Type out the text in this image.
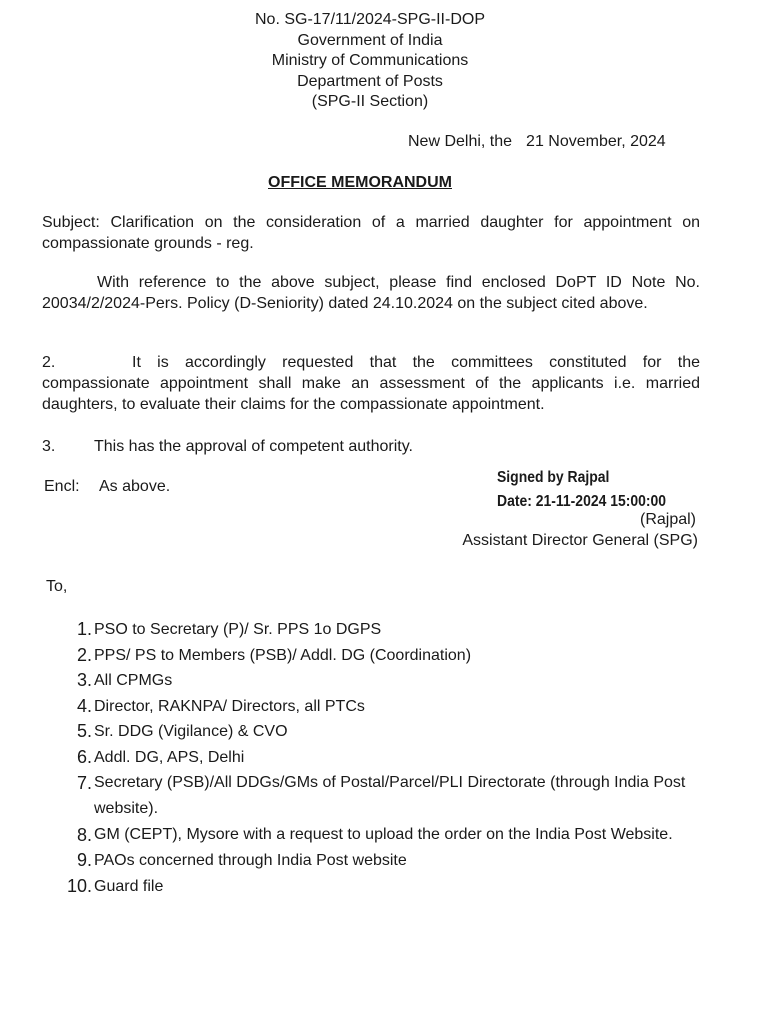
No. SG-17/11/2024-SPG-II-DOP
Government of India
Ministry of Communications
Department of Posts
(SPG-II Section)
New Delhi, the 21 November, 2024
OFFICE MEMORANDUM
Subject: Clarification on the consideration of a married daughter for appointment on compassionate grounds - reg.
With reference to the above subject, please find enclosed DoPT ID Note No. 20034/2/2024-Pers. Policy (D-Seniority) dated 24.10.2024 on the subject cited above.
2.	It is accordingly requested that the committees constituted for the compassionate appointment shall make an assessment of the applicants i.e. married daughters, to evaluate their claims for the compassionate appointment.
3. This has the approval of competent authority.
Encl: As above.
Signed by Rajpal
Date: 21-11-2024 15:00:00
(Rajpal)
Assistant Director General (SPG)
To,
1. PSO to Secretary (P)/ Sr. PPS 1o DGPS
2. PPS/ PS to Members (PSB)/ Addl. DG (Coordination)
3. All CPMGs
4. Director, RAKNPA/ Directors, all PTCs
5. Sr. DDG (Vigilance) & CVO
6. Addl. DG, APS, Delhi
7. Secretary (PSB)/All DDGs/GMs of Postal/Parcel/PLI Directorate (through India Post website).
8. GM (CEPT), Mysore with a request to upload the order on the India Post Website.
9. PAOs concerned through India Post website
10. Guard file
